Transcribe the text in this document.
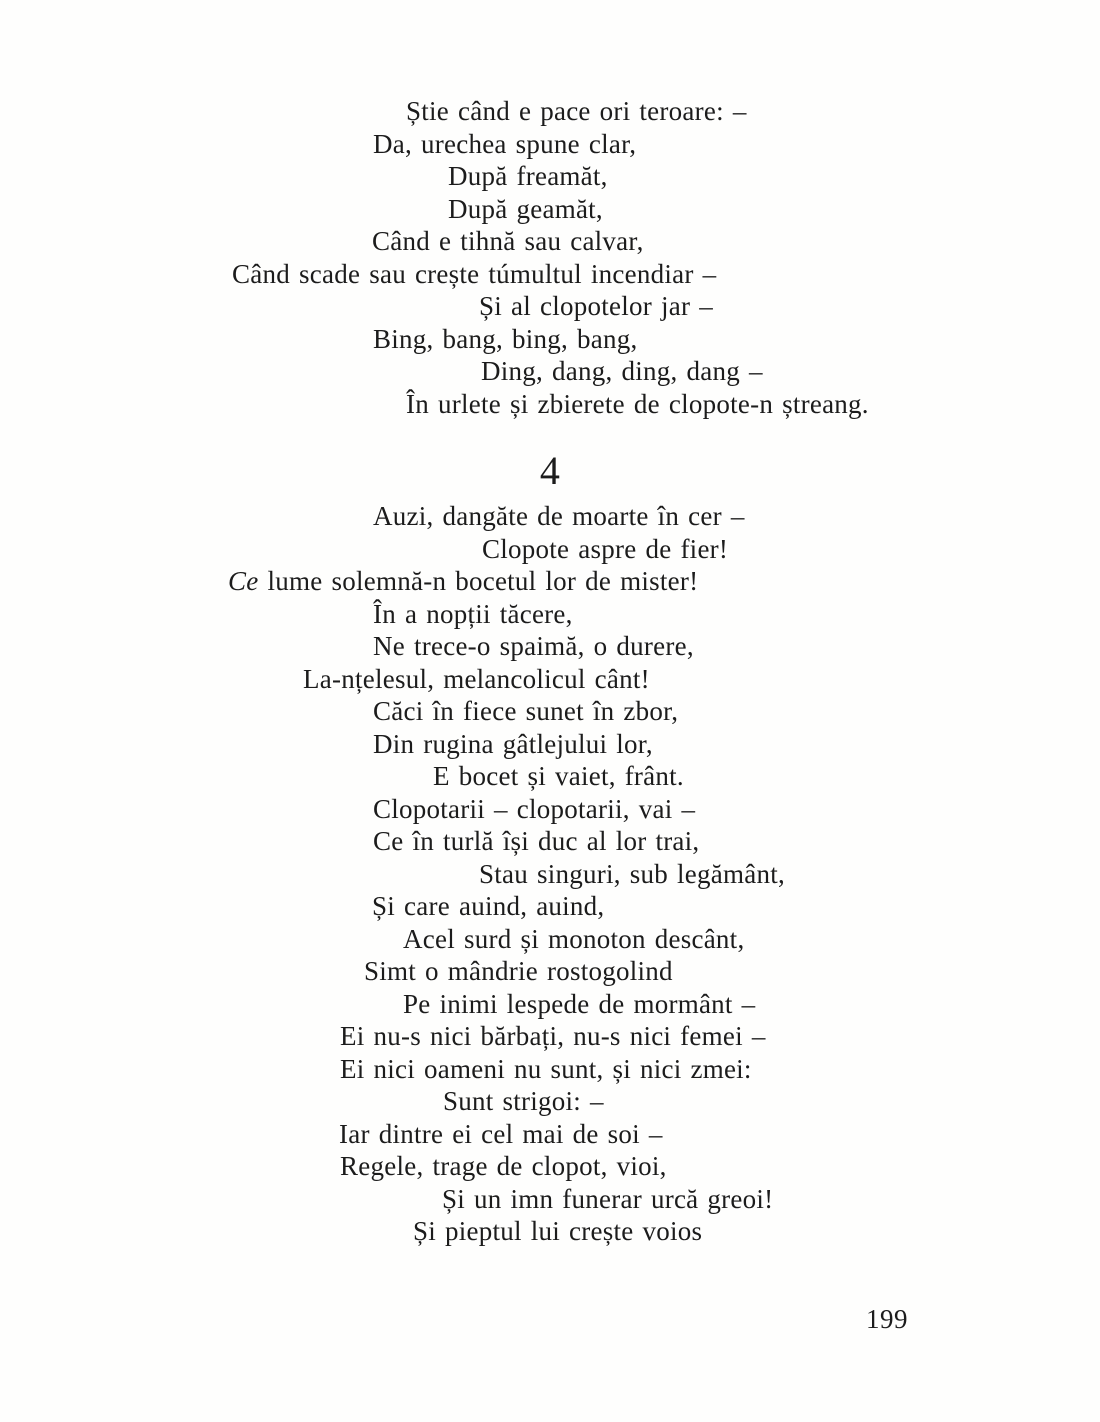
Știe când e pace ori teroare: –
Da, urechea spune clar,
După freamăt,
După geamăt,
Când e tihnă sau calvar,
Când scade sau crește túmultul incendiar –
Și al clopotelor jar –
Bing, bang, bing, bang,
Ding, dang, ding, dang –
În urlete și zbierete de clopote-n ștreang.
4
Auzi, dangăte de moarte în cer –
Clopote aspre de fier!
Ce lume solemnă-n bocetul lor de mister!
În a nopții tăcere,
Ne trece-o spaimă, o durere,
La-nțelesul, melancolicul cânt!
Căci în fiece sunet în zbor,
Din rugina gâtlejului lor,
E bocet și vaiet, frânt.
Clopotarii – clopotarii, vai –
Ce în turlă își duc al lor trai,
Stau singuri, sub legământ,
Și care auind, auind,
Acel surd și monoton descânt,
Simt o mândrie rostogolind
Pe inimi lespede de mormânt –
Ei nu-s nici bărbați, nu-s nici femei –
Ei nici oameni nu sunt, și nici zmei:
Sunt strigoi: –
Iar dintre ei cel mai de soi –
Regele, trage de clopot, vioi,
Și un imn funerar urcă greoi!
Și pieptul lui crește voios
199
